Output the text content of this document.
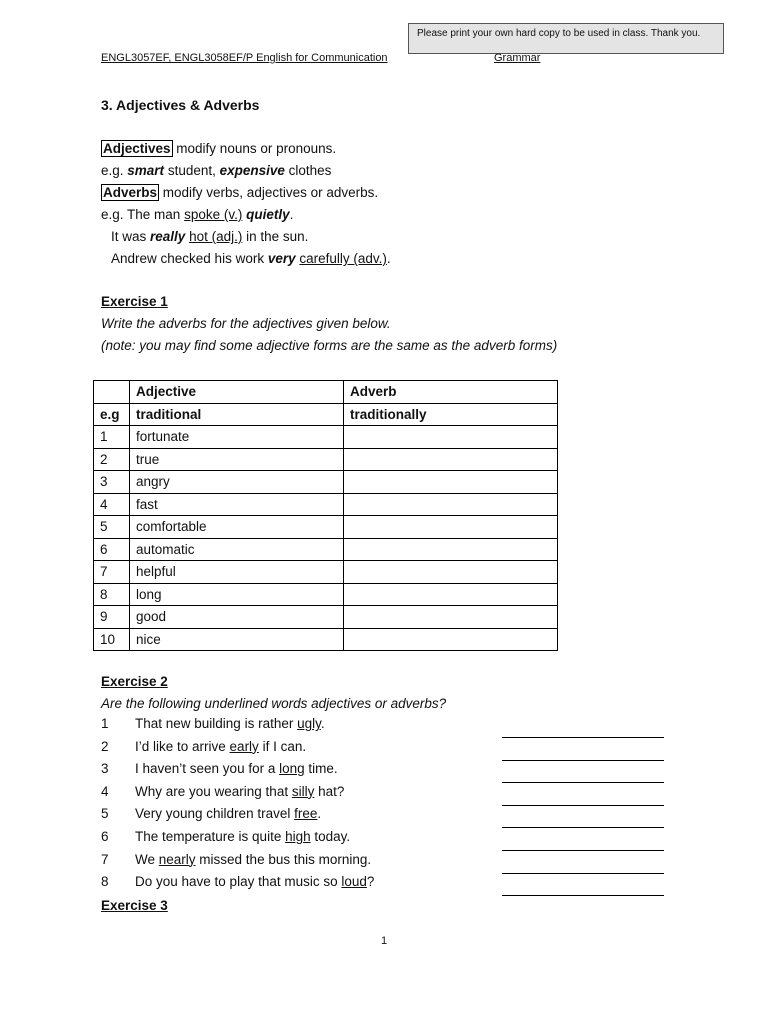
Please print your own hard copy to be used in class. Thank you.
ENGL3057EF, ENGL3058EF/P English for Communication	Grammar
3. Adjectives & Adverbs
Adjectives modify nouns or pronouns.
e.g. smart student, expensive clothes
Adverbs modify verbs, adjectives or adverbs.
e.g. The man spoke (v.) quietly.
It was really hot (adj.) in the sun.
Andrew checked his work very carefully (adv.).
Exercise 1
Write the adverbs for the adjectives given below.
(note: you may find some adjective forms are the same as the adverb forms)
	Adjective	Adverb
e.g	traditional	traditionally
1	fortunate	
2	true	
3	angry	
4	fast	
5	comfortable	
6	automatic	
7	helpful	
8	long	
9	good	
10	nice	
Exercise 2
Are the following underlined words adjectives or adverbs?
1 That new building is rather ugly.
2 I’d like to arrive early if I can.
3 I haven’t seen you for a long time.
4 Why are you wearing that silly hat?
5 Very young children travel free.
6 The temperature is quite high today.
7 We nearly missed the bus this morning.
8 Do you have to play that music so loud?
Exercise 3
1
